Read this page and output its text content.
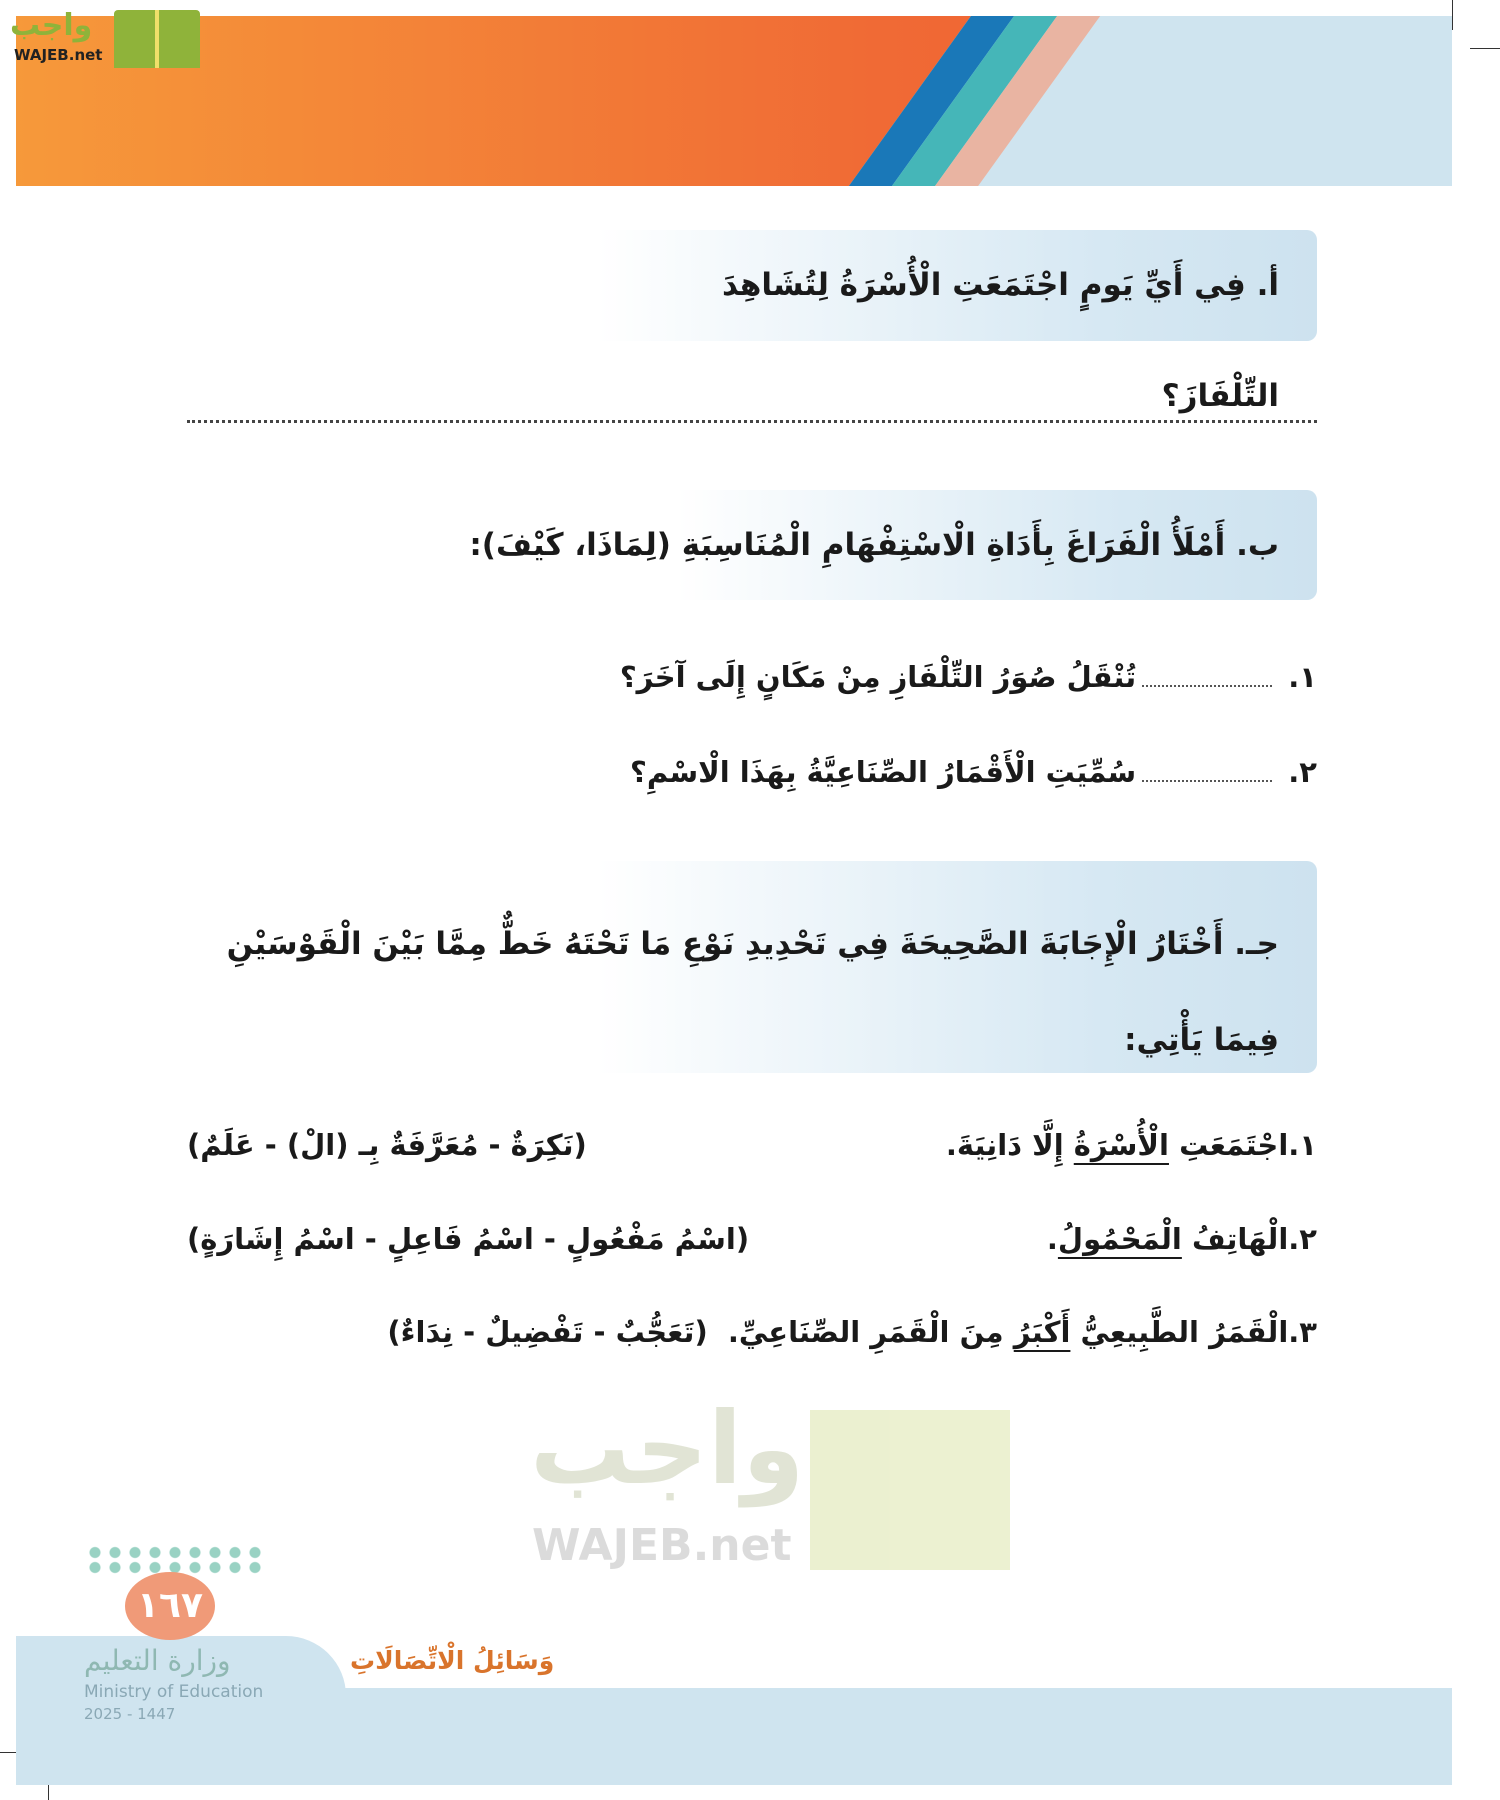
واجب
WAJEB.net
أ. فِي أَيِّ يَومٍ اجْتَمَعَتِ الْأُسْرَةُ لِتُشَاهِدَ التِّلْفَازَ؟
ب. أَمْلَأُ الْفَرَاغَ بِأَدَاةِ الْاسْتِفْهَامِ الْمُنَاسِبَةِ (لِمَاذَا، كَيْفَ):
١. تُنْقَلُ صُوَرُ التِّلْفَازِ مِنْ مَكَانٍ إِلَى آخَرَ؟
٢. سُمِّيَتِ الْأَقْمَارُ الصِّنَاعِيَّةُ بِهَذَا الْاسْمِ؟
جـ. أَخْتَارُ الْإِجَابَةَ الصَّحِيحَةَ فِي تَحْدِيدِ نَوْعِ مَا تَحْتَهُ خَطٌّ مِمَّا بَيْنَ الْقَوْسَيْنِ
فِيمَا يَأْتِي:
١.اجْتَمَعَتِ الْأُسْرَةُ إِلَّا دَانِيَةَ.
(نَكِرَةٌ - مُعَرَّفَةٌ بِـ (الْ) - عَلَمٌ)
٢.الْهَاتِفُ الْمَحْمُولُ.
(اسْمُ مَفْعُولٍ - اسْمُ فَاعِلٍ - اسْمُ إِشَارَةٍ)
٣.الْقَمَرُ الطَّبِيعِيُّ أَكْبَرُ مِنَ الْقَمَرِ الصِّنَاعِيِّ.  (تَعَجُّبٌ - تَفْضِيلٌ - نِدَاءٌ)
واجب
WAJEB.net
١٦٧
وزارة التعليم
Ministry of Education
2025 - 1447
وَسَائِلُ الْاتِّصَالَاتِ
